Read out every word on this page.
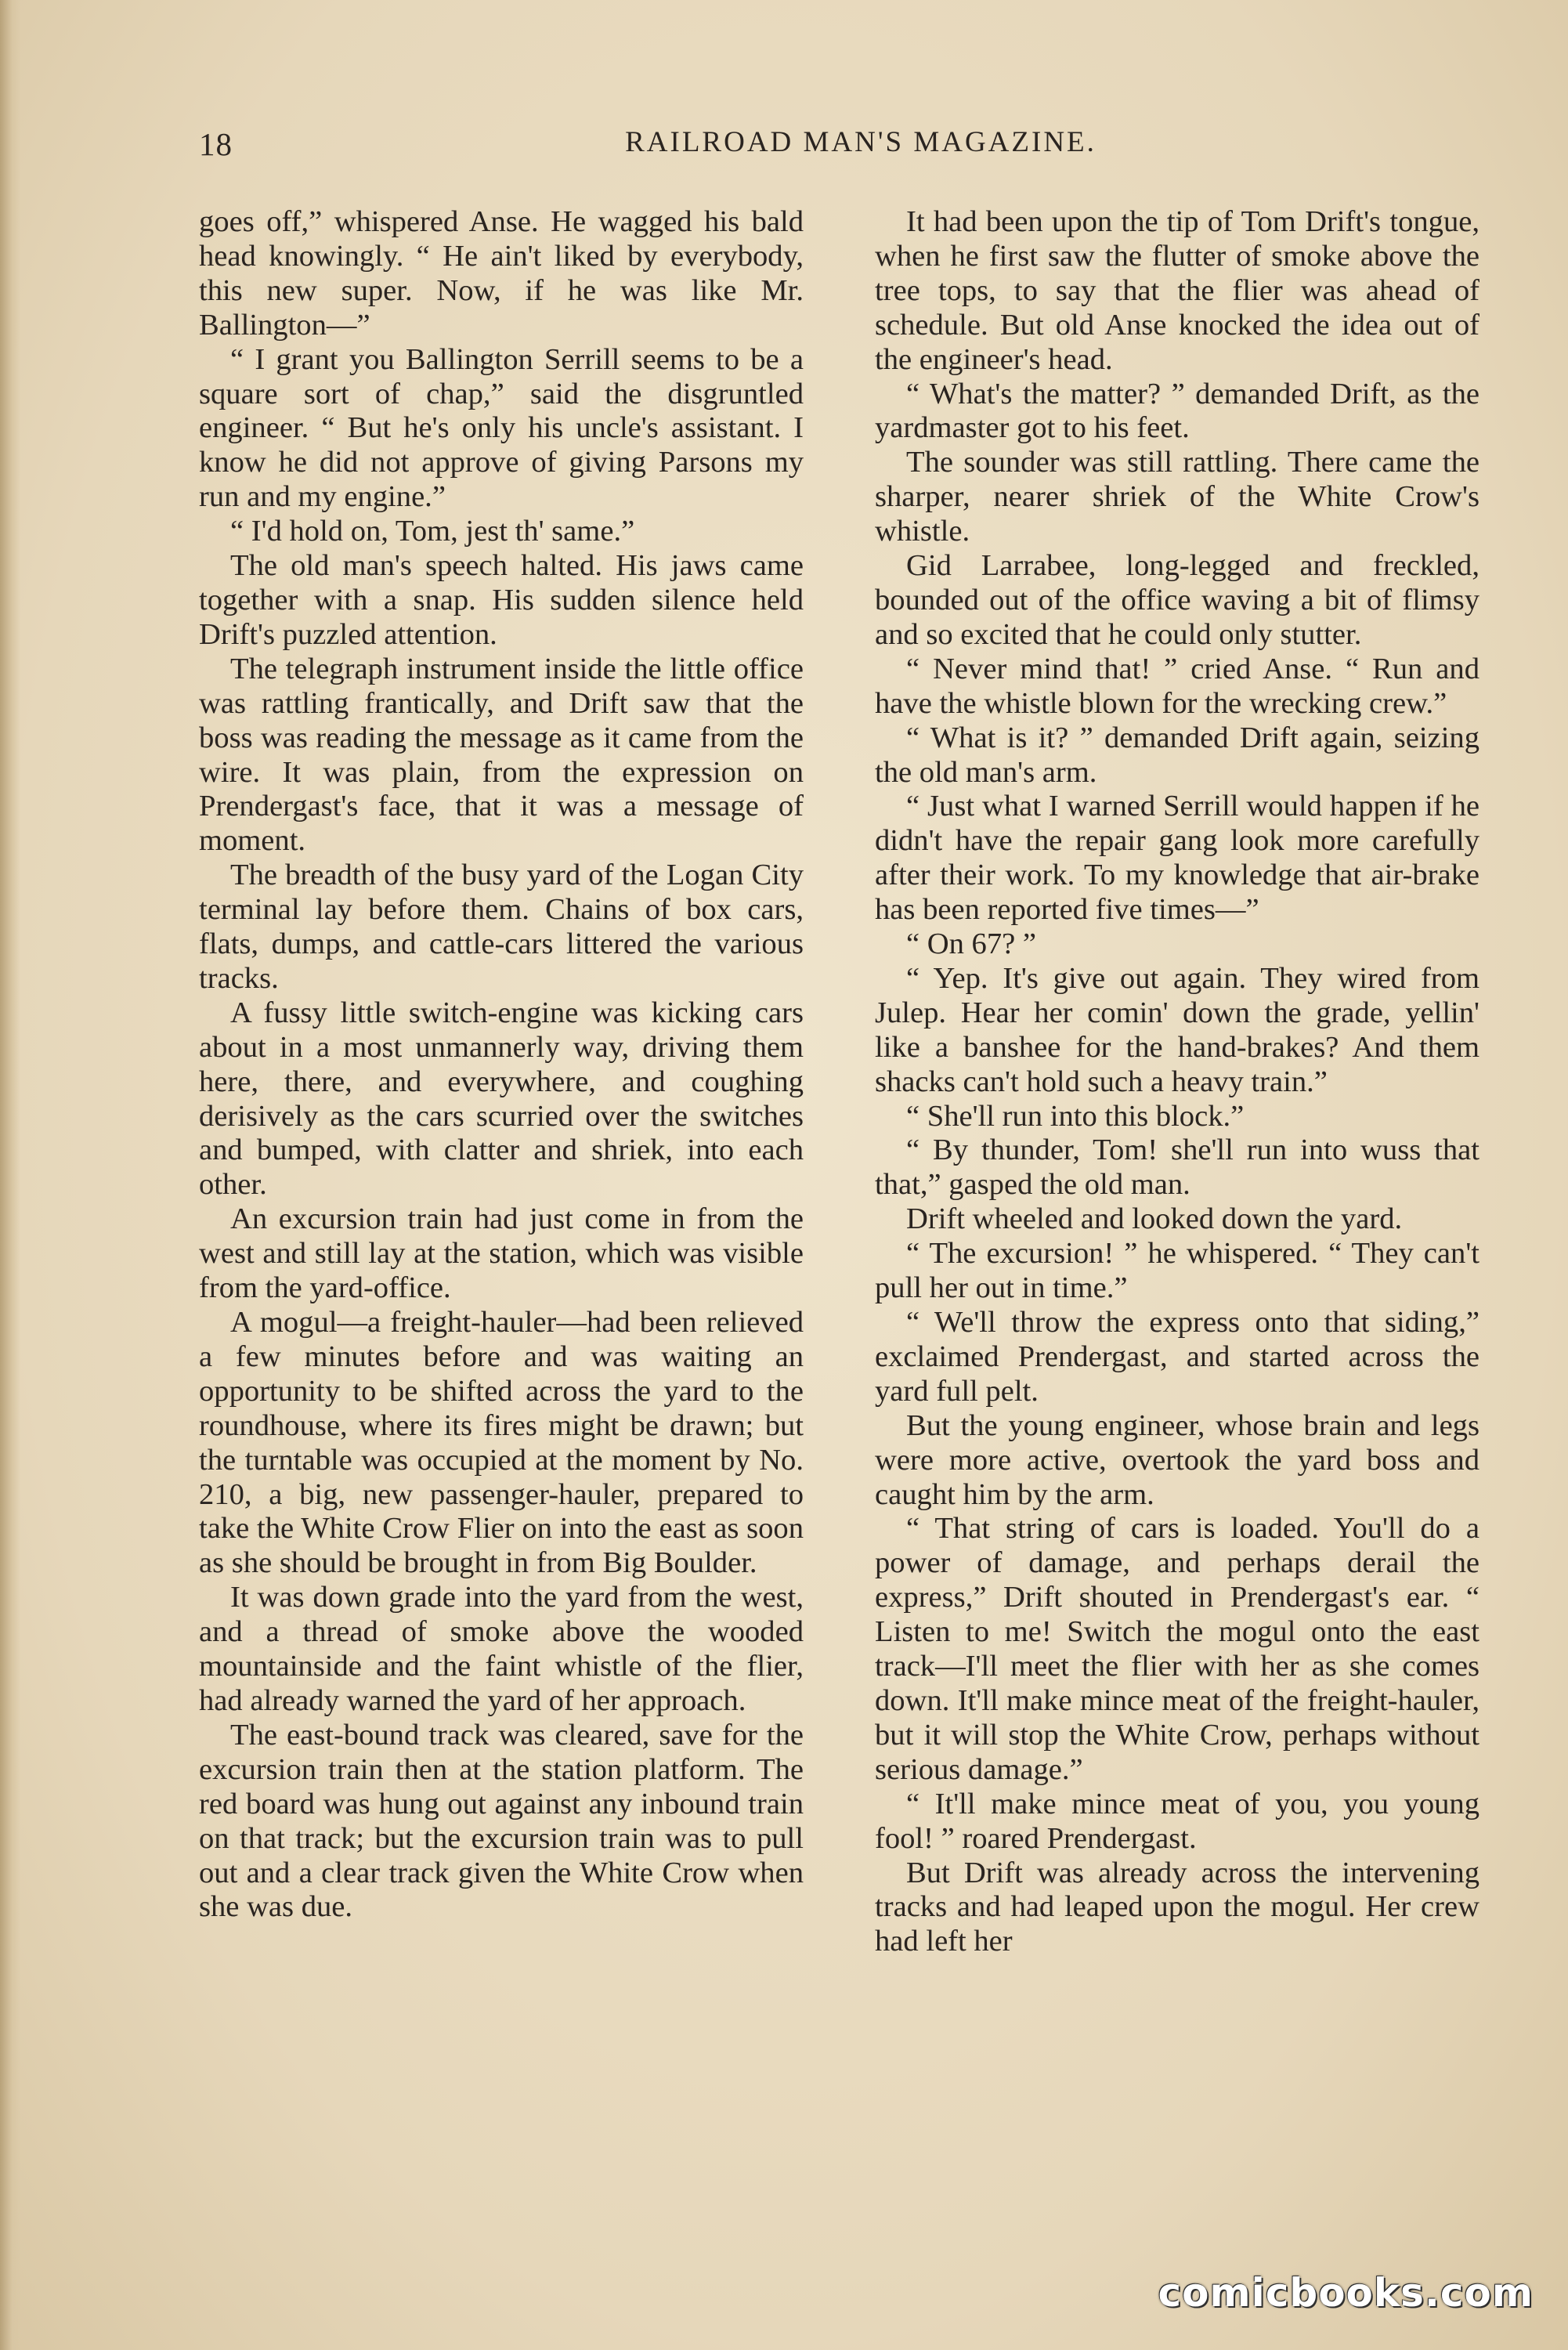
18	RAILROAD MAN'S MAGAZINE.

goes off,” whispered Anse. He wagged his bald head knowingly. “ He ain't liked by everybody, this new super. Now, if he was like Mr. Ballington—”

“ I grant you Ballington Serrill seems to be a square sort of chap,” said the disgruntled engineer. “ But he's only his uncle's assistant. I know he did not approve of giving Parsons my run and my engine.”

“ I'd hold on, Tom, jest th' same.”

The old man's speech halted. His jaws came together with a snap. His sudden silence held Drift's puzzled attention.

The telegraph instrument inside the little office was rattling frantically, and Drift saw that the boss was reading the message as it came from the wire. It was plain, from the expression on Prendergast's face, that it was a message of moment.

The breadth of the busy yard of the Logan City terminal lay before them. Chains of box cars, flats, dumps, and cattle-cars littered the various tracks.

A fussy little switch-engine was kicking cars about in a most unmannerly way, driving them here, there, and everywhere, and coughing derisively as the cars scurried over the switches and bumped, with clatter and shriek, into each other.

An excursion train had just come in from the west and still lay at the station, which was visible from the yard-office.

A mogul—a freight-hauler—had been relieved a few minutes before and was waiting an opportunity to be shifted across the yard to the roundhouse, where its fires might be drawn; but the turntable was occupied at the moment by No. 210, a big, new passenger-hauler, prepared to take the White Crow Flier on into the east as soon as she should be brought in from Big Boulder.

It was down grade into the yard from the west, and a thread of smoke above the wooded mountainside and the faint whistle of the flier, had already warned the yard of her approach.

The east-bound track was cleared, save for the excursion train then at the station platform. The red board was hung out against any inbound train on that track; but the excursion train was to pull out and a clear track given the White Crow when she was due.

It had been upon the tip of Tom Drift's tongue, when he first saw the flutter of smoke above the tree tops, to say that the flier was ahead of schedule. But old Anse knocked the idea out of the engineer's head.

“ What's the matter? ” demanded Drift, as the yardmaster got to his feet.

The sounder was still rattling. There came the sharper, nearer shriek of the White Crow's whistle.

Gid Larrabee, long-legged and freckled, bounded out of the office waving a bit of flimsy and so excited that he could only stutter.

“ Never mind that! ” cried Anse. “ Run and have the whistle blown for the wrecking crew.”

“ What is it? ” demanded Drift again, seizing the old man's arm.

“ Just what I warned Serrill would happen if he didn't have the repair gang look more carefully after their work. To my knowledge that air-brake has been reported five times—”

“ On 67? ”

“ Yep. It's give out again. They wired from Julep. Hear her comin' down the grade, yellin' like a banshee for the hand-brakes? And them shacks can't hold such a heavy train.”

“ She'll run into this block.”

“ By thunder, Tom! she'll run into wuss that that,” gasped the old man.

Drift wheeled and looked down the yard.

“ The excursion! ” he whispered. “ They can't pull her out in time.”

“ We'll throw the express onto that siding,” exclaimed Prendergast, and started across the yard full pelt.

But the young engineer, whose brain and legs were more active, overtook the yard boss and caught him by the arm.

“ That string of cars is loaded. You'll do a power of damage, and perhaps derail the express,” Drift shouted in Prendergast's ear. “ Listen to me! Switch the mogul onto the east track—I'll meet the flier with her as she comes down. It'll make mince meat of the freight-hauler, but it will stop the White Crow, perhaps without serious damage.”

“ It'll make mince meat of you, you young fool! ” roared Prendergast.

But Drift was already across the intervening tracks and had leaped upon the mogul. Her crew had left her

comicbooks.com
